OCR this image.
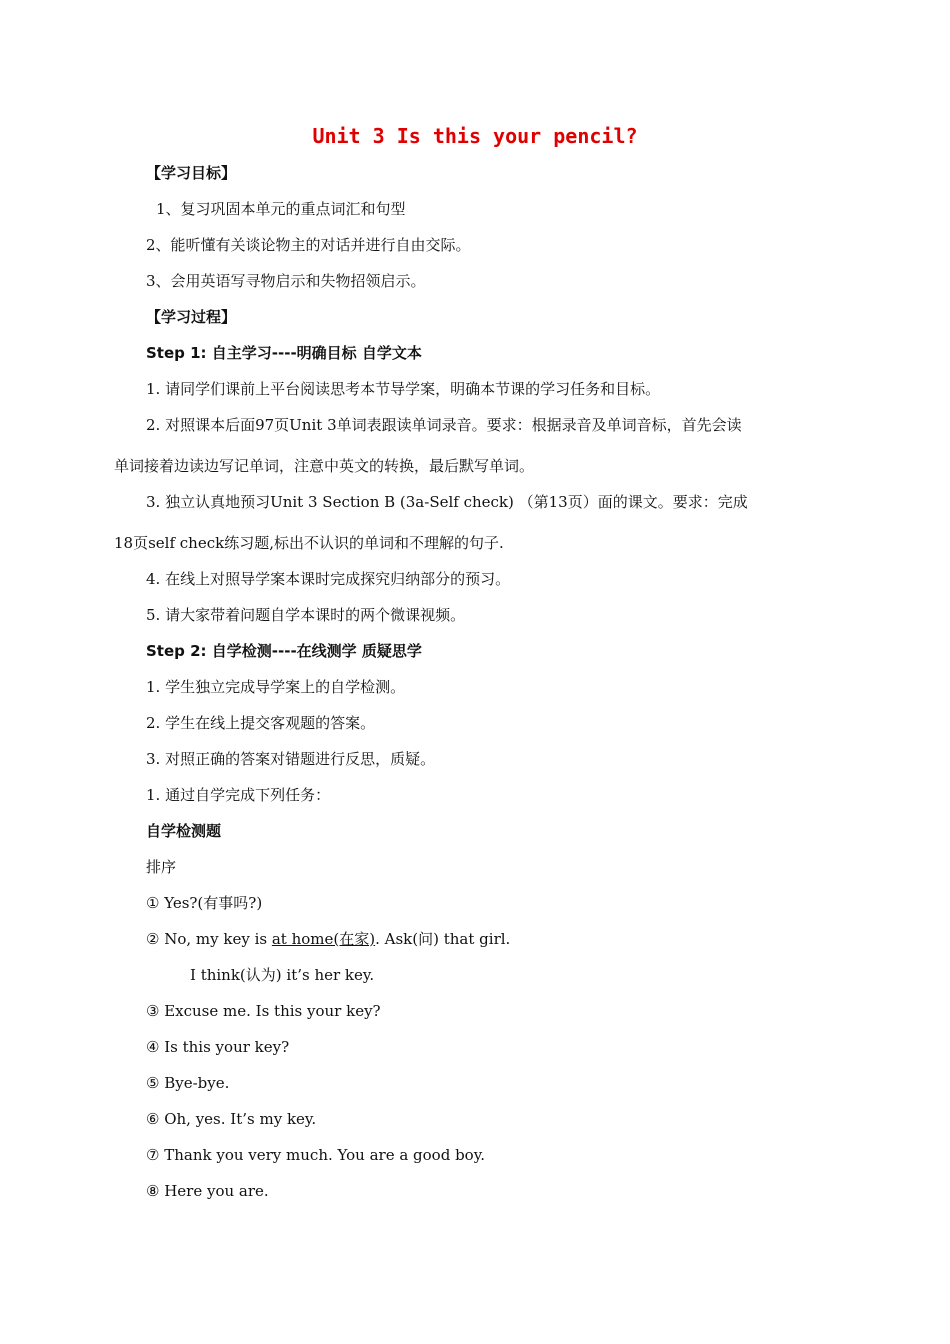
Unit 3 Is this your pencil?
【学习目标】
1、复习巩固本单元的重点词汇和句型
2、能听懂有关谈论物主的对话并进行自由交际。
3、会用英语写寻物启示和失物招领启示。
【学习过程】
Step 1: 自主学习----明确目标 自学文本
1. 请同学们课前上平台阅读思考本节导学案，明确本节课的学习任务和目标。
2. 对照课本后面97页Unit 3单词表跟读单词录音。要求：根据录音及单词音标，首先会读
单词接着边读边写记单词，注意中英文的转换，最后默写单词。
3. 独立认真地预习Unit 3 Section B (3a-Self check) （第13页）面的课文。要求：完成
18页self check练习题,标出不认识的单词和不理解的句子.
4. 在线上对照导学案本课时完成探究归纳部分的预习。
5. 请大家带着问题自学本课时的两个微课视频。
Step 2: 自学检测----在线测学 质疑思学
1. 学生独立完成导学案上的自学检测。
2. 学生在线上提交客观题的答案。
3. 对照正确的答案对错题进行反思，质疑。
1. 通过自学完成下列任务：
自学检测题
排序
① Yes?(有事吗?)
② No, my key is at home(在家). Ask(问) that girl.
I think(认为) it’s her key.
③ Excuse me. Is this your key?
④ Is this your key?
⑤ Bye-bye.
⑥ Oh, yes. It’s my key.
⑦ Thank you very much. You are a good boy.
⑧ Here you are.
